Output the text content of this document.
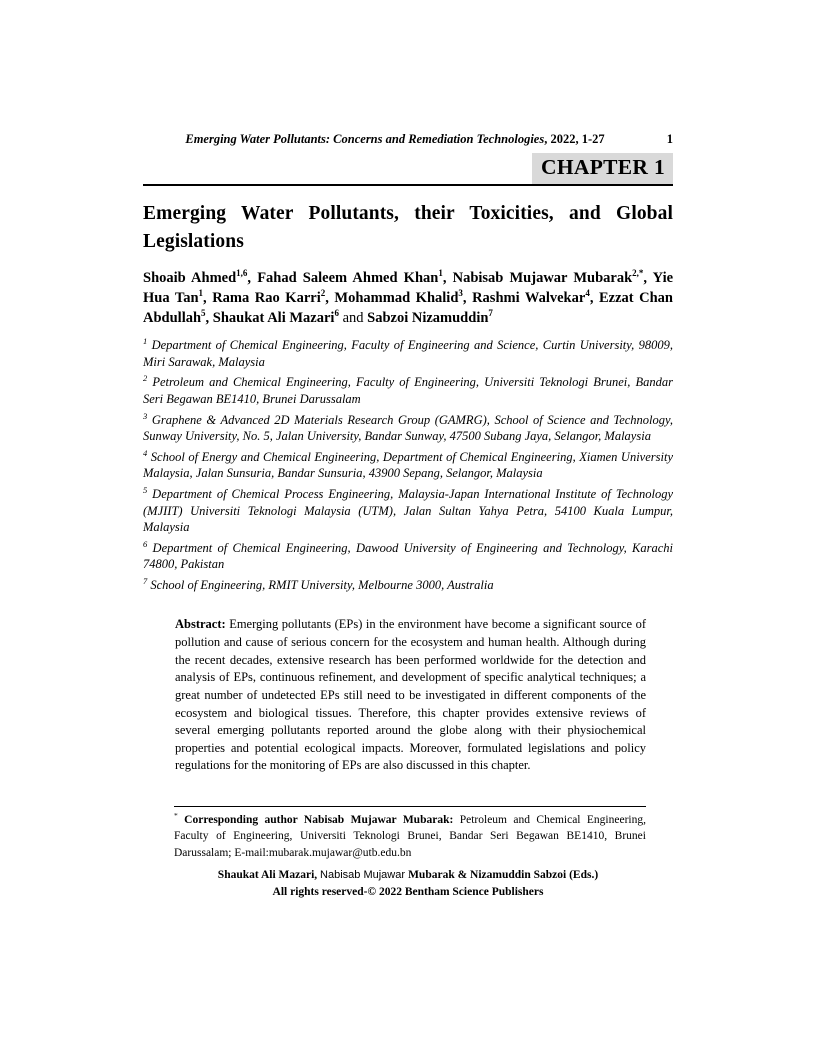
Emerging Water Pollutants: Concerns and Remediation Technologies, 2022, 1-27	1
CHAPTER 1
Emerging Water Pollutants, their Toxicities, and Global Legislations

Shoaib Ahmed$^{1,6}$, Fahad Saleem Ahmed Khan$^1$, Nabisab Mujawar Mubarak$^{2,*}$, Yie Hua Tan$^1$, Rama Rao Karri$^2$, Mohammad Khalid$^3$, Rashmi Walvekar$^4$, Ezzat Chan Abdullah$^5$, Shaukat Ali Mazari$^6$ and Sabzoi Nizamuddin$^7$

$^1$ Department of Chemical Engineering, Faculty of Engineering and Science, Curtin University, 98009, Miri Sarawak, Malaysia

$^2$ Petroleum and Chemical Engineering, Faculty of Engineering, Universiti Teknologi Brunei, Bandar Seri Begawan BE1410, Brunei Darussalam

$^3$ Graphene & Advanced 2D Materials Research Group (GAMRG), School of Science and Technology, Sunway University, No. 5, Jalan University, Bandar Sunway, 47500 Subang Jaya, Selangor, Malaysia

$^4$ School of Energy and Chemical Engineering, Department of Chemical Engineering, Xiamen University Malaysia, Jalan Sunsuria, Bandar Sunsuria, 43900 Sepang, Selangor, Malaysia

$^5$ Department of Chemical Process Engineering, Malaysia-Japan International Institute of Technology (MJIIT) Universiti Teknologi Malaysia (UTM), Jalan Sultan Yahya Petra, 54100 Kuala Lumpur, Malaysia

$^6$ Department of Chemical Engineering, Dawood University of Engineering and Technology, Karachi 74800, Pakistan

$^7$ School of Engineering, RMIT University, Melbourne 3000, Australia

Abstract: Emerging pollutants (EPs) in the environment have become a significant source of pollution and cause of serious concern for the ecosystem and human health. Although during the recent decades, extensive research has been performed worldwide for the detection and analysis of EPs, continuous refinement, and development of specific analytical techniques; a great number of undetected EPs still need to be investigated in different components of the ecosystem and biological tissues. Therefore, this chapter provides extensive reviews of several emerging pollutants reported around the globe along with their physiochemical properties and potential ecological impacts. Moreover, formulated legislations and policy regulations for the monitoring of EPs are also discussed in this chapter.
* Corresponding author Nabisab Mujawar Mubarak: Petroleum and Chemical Engineering, Faculty of Engineering, Universiti Teknologi Brunei, Bandar Seri Begawan BE1410, Brunei Darussalam; E-mail:mubarak.mujawar@utb.edu.bn

Shaukat Ali Mazari, Nabisab Mujawar Mubarak & Nizamuddin Sabzoi (Eds.)

All rights reserved-© 2022 Bentham Science Publishers
